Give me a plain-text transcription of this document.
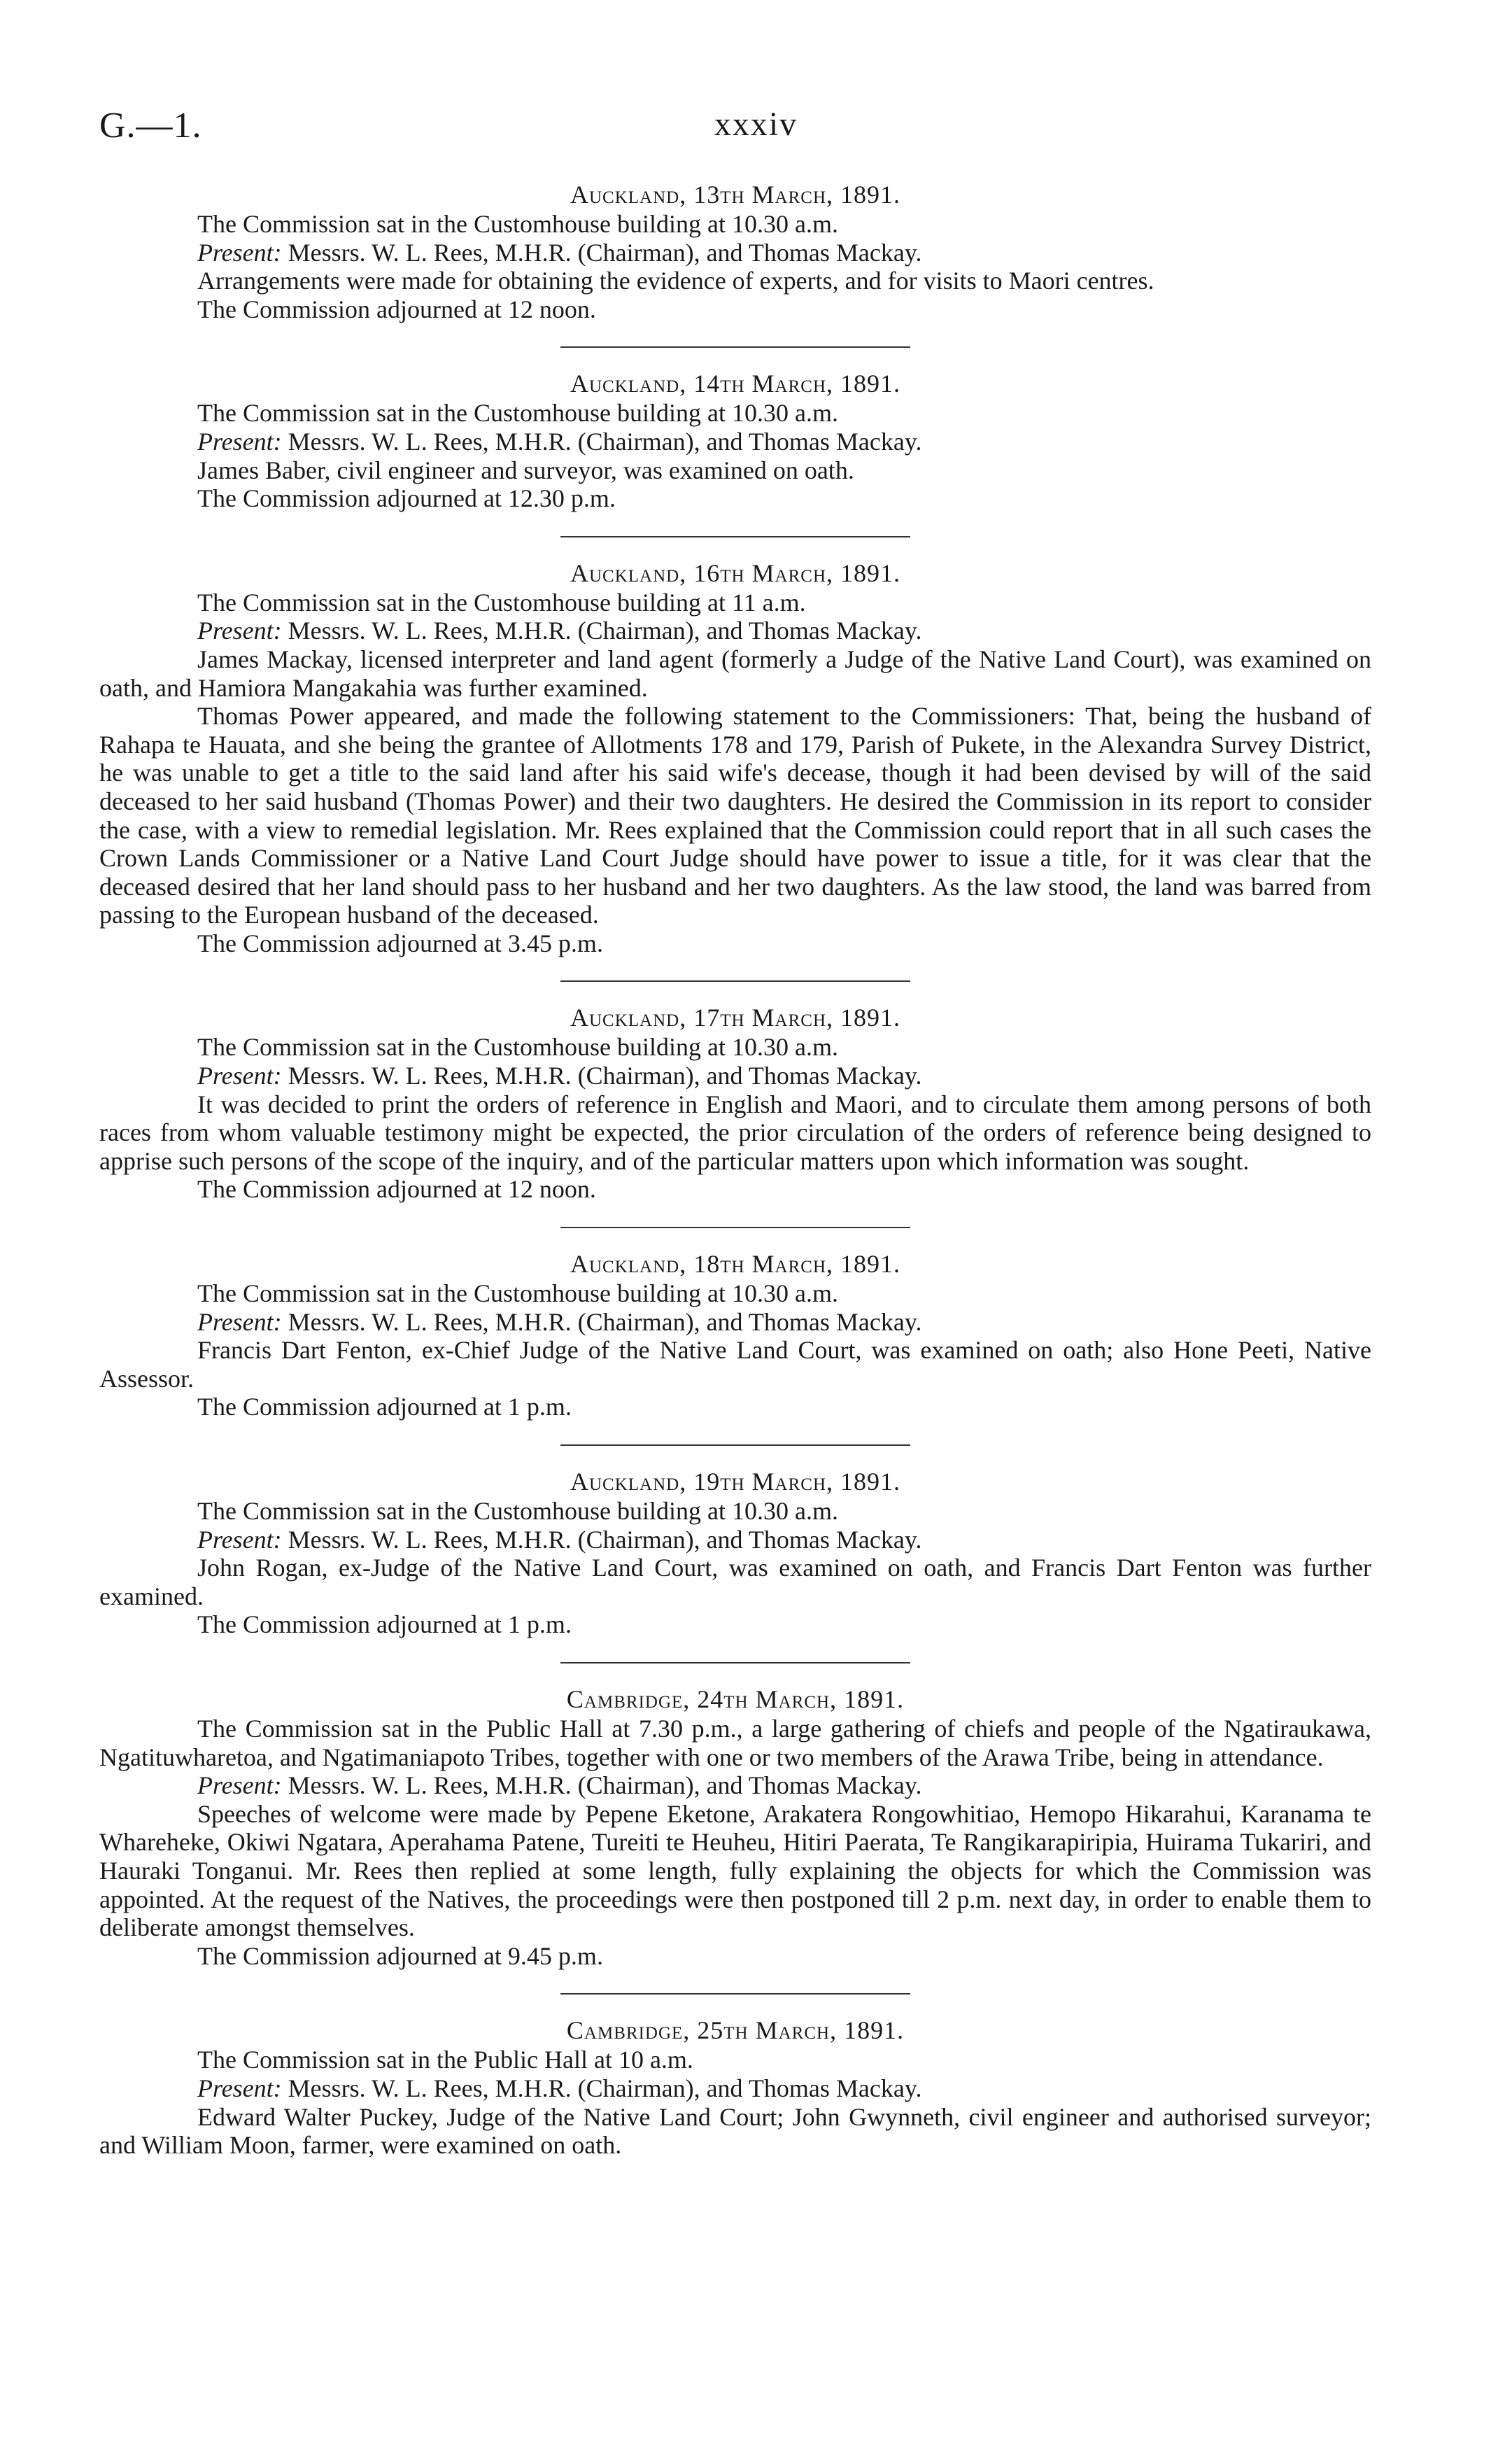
G.—1.	xxxiv
Auckland, 13th March, 1891.

The Commission sat in the Customhouse building at 10.30 a.m.

Present: Messrs. W. L. Rees, M.H.R. (Chairman), and Thomas Mackay.

Arrangements were made for obtaining the evidence of experts, and for visits to Maori centres.

The Commission adjourned at 12 noon.

Auckland, 14th March, 1891.

The Commission sat in the Customhouse building at 10.30 a.m.

Present: Messrs. W. L. Rees, M.H.R. (Chairman), and Thomas Mackay.

James Baber, civil engineer and surveyor, was examined on oath.

The Commission adjourned at 12.30 p.m.

Auckland, 16th March, 1891.

The Commission sat in the Customhouse building at 11 a.m.

Present: Messrs. W. L. Rees, M.H.R. (Chairman), and Thomas Mackay.

James Mackay, licensed interpreter and land agent (formerly a Judge of the Native Land Court), was examined on oath, and Hamiora Mangakahia was further examined.

Thomas Power appeared, and made the following statement to the Commissioners: That, being the husband of Rahapa te Hauata, and she being the grantee of Allotments 178 and 179, Parish of Pukete, in the Alexandra Survey District, he was unable to get a title to the said land after his said wife's decease, though it had been devised by will of the said deceased to her said husband (Thomas Power) and their two daughters. He desired the Commission in its report to consider the case, with a view to remedial legislation. Mr. Rees explained that the Commission could report that in all such cases the Crown Lands Commissioner or a Native Land Court Judge should have power to issue a title, for it was clear that the deceased desired that her land should pass to her husband and her two daughters. As the law stood, the land was barred from passing to the European husband of the deceased.

The Commission adjourned at 3.45 p.m.

Auckland, 17th March, 1891.

The Commission sat in the Customhouse building at 10.30 a.m.

Present: Messrs. W. L. Rees, M.H.R. (Chairman), and Thomas Mackay.

It was decided to print the orders of reference in English and Maori, and to circulate them among persons of both races from whom valuable testimony might be expected, the prior circulation of the orders of reference being designed to apprise such persons of the scope of the inquiry, and of the particular matters upon which information was sought.

The Commission adjourned at 12 noon.

Auckland, 18th March, 1891.

The Commission sat in the Customhouse building at 10.30 a.m.

Present: Messrs. W. L. Rees, M.H.R. (Chairman), and Thomas Mackay.

Francis Dart Fenton, ex-Chief Judge of the Native Land Court, was examined on oath; also Hone Peeti, Native Assessor.

The Commission adjourned at 1 p.m.

Auckland, 19th March, 1891.

The Commission sat in the Customhouse building at 10.30 a.m.

Present: Messrs. W. L. Rees, M.H.R. (Chairman), and Thomas Mackay.

John Rogan, ex-Judge of the Native Land Court, was examined on oath, and Francis Dart Fenton was further examined.

The Commission adjourned at 1 p.m.

Cambridge, 24th March, 1891.

The Commission sat in the Public Hall at 7.30 p.m., a large gathering of chiefs and people of the Ngatiraukawa, Ngatituwharetoa, and Ngatimaniapoto Tribes, together with one or two members of the Arawa Tribe, being in attendance.

Present: Messrs. W. L. Rees, M.H.R. (Chairman), and Thomas Mackay.

Speeches of welcome were made by Pepene Eketone, Arakatera Rongowhitiao, Hemopo Hikarahui, Karanama te Whareheke, Okiwi Ngatara, Aperahama Patene, Tureiti te Heuheu, Hitiri Paerata, Te Rangikarapiripia, Huirama Tukariri, and Hauraki Tonganui. Mr. Rees then replied at some length, fully explaining the objects for which the Commission was appointed. At the request of the Natives, the proceedings were then postponed till 2 p.m. next day, in order to enable them to deliberate amongst themselves.

The Commission adjourned at 9.45 p.m.

Cambridge, 25th March, 1891.

The Commission sat in the Public Hall at 10 a.m.

Present: Messrs. W. L. Rees, M.H.R. (Chairman), and Thomas Mackay.

Edward Walter Puckey, Judge of the Native Land Court; John Gwynneth, civil engineer and authorised surveyor; and William Moon, farmer, were examined on oath.
